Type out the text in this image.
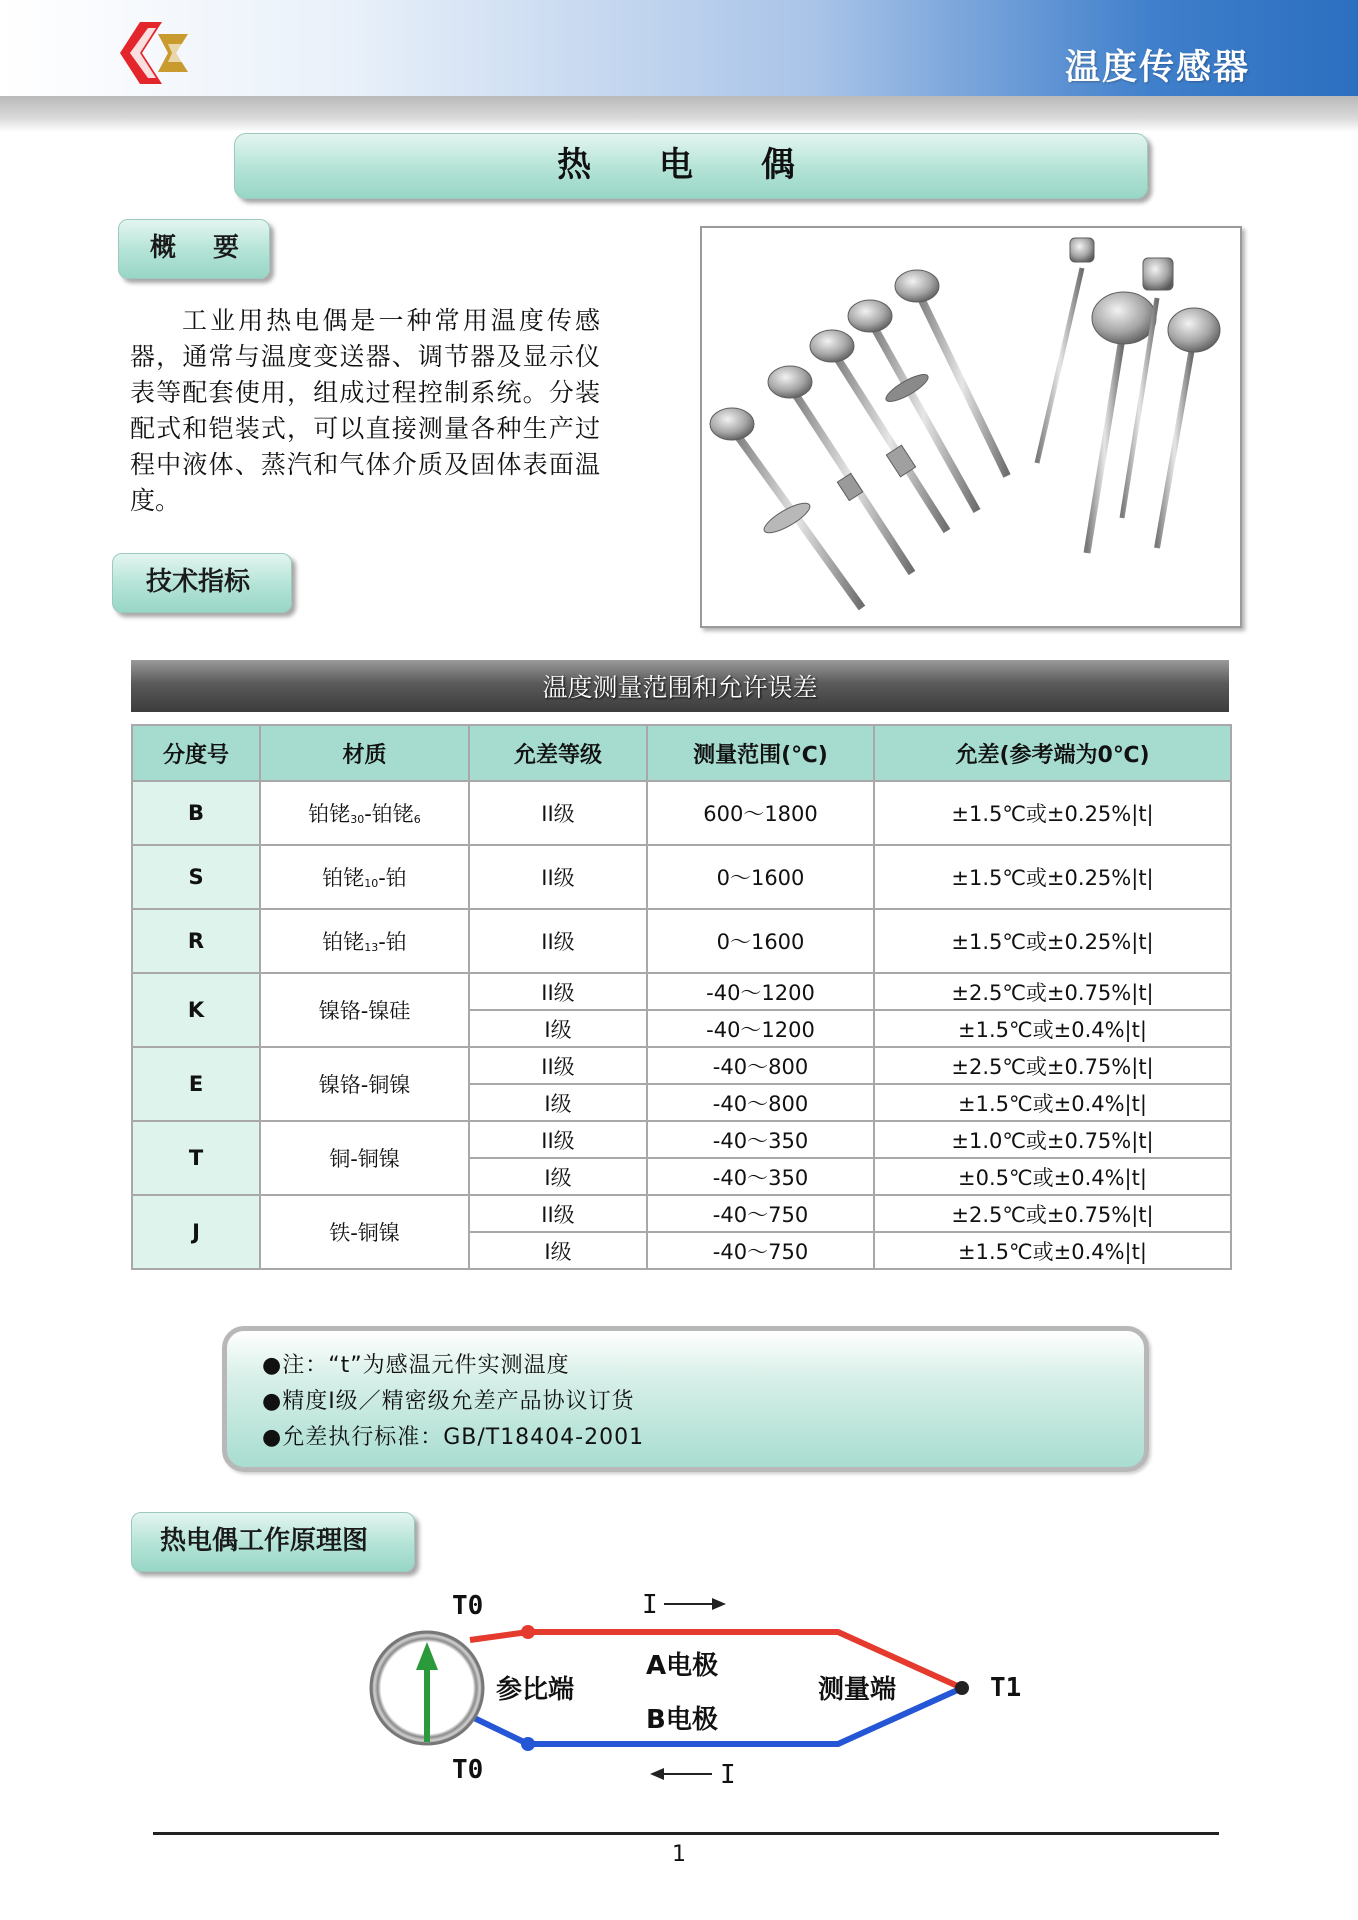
温度传感器
热 电 偶
概 要
工业用热电偶是一种常用温度传感器，通常与温度变送器、调节器及显示仪表等配套使用，组成过程控制系统。分装配式和铠装式，可以直接测量各种生产过程中液体、蒸汽和气体介质及固体表面温度。
技术指标
温度测量范围和允许误差
分度号	材质	允差等级	测量范围(℃)	允差(参考端为0℃)
B	铂铑30-铂铑6	II级	600～1800	±1.5℃或±0.25%|t|
S	铂铑10-铂	II级	0～1600	±1.5℃或±0.25%|t|
R	铂铑13-铂	II级	0～1600	±1.5℃或±0.25%|t|
K	镍铬-镍硅	II级	-40～1200	±2.5℃或±0.75%|t|
		I级	-40～1200	±1.5℃或±0.4%|t|
E	镍铬-铜镍	II级	-40～800	±2.5℃或±0.75%|t|
		I级	-40～800	±1.5℃或±0.4%|t|
T	铜-铜镍	II级	-40～350	±1.0℃或±0.75%|t|
		I级	-40～350	±0.5℃或±0.4%|t|
J	铁-铜镍	II级	-40～750	±2.5℃或±0.75%|t|
		I级	-40～750	±1.5℃或±0.4%|t|
●注：“t”为感温元件实测温度
●精度Ⅰ级／精密级允差产品协议订货
●允差执行标准：GB/T18404-2001
热电偶工作原理图
T0
T0
T1
I
I
参比端
A电极
B电极
测量端
1
